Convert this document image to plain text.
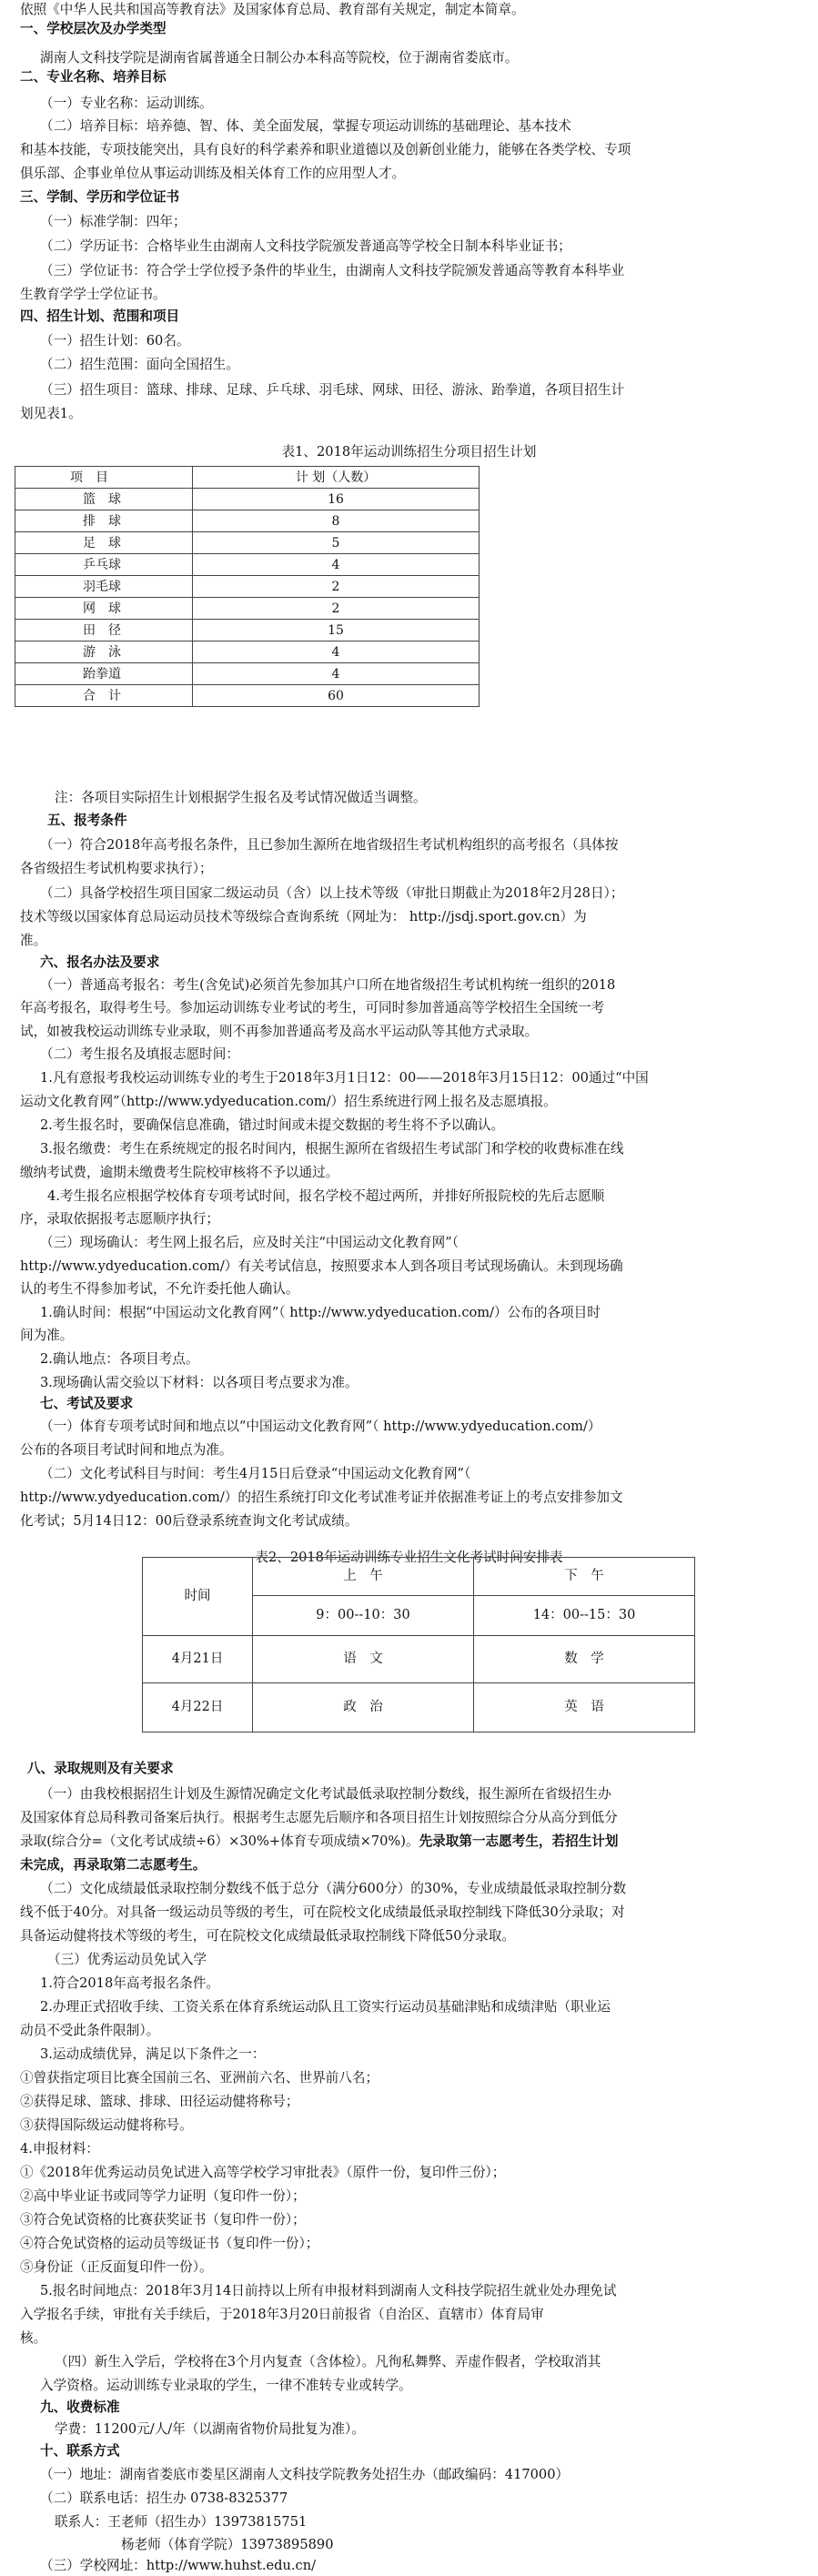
依照《中华人民共和国高等教育法》及国家体育总局、教育部有关规定，制定本简章。

一、学校层次及办学类型

湖南人文科技学院是湖南省属普通全日制公办本科高等院校，位于湖南省娄底市。

二、专业名称、培养目标

（一）专业名称：运动训练。

（二）培养目标：培养德、智、体、美全面发展，掌握专项运动训练的基础理论、基本技术

和基本技能，专项技能突出，具有良好的科学素养和职业道德以及创新创业能力，能够在各类学校、专项

俱乐部、企事业单位从事运动训练及相关体育工作的应用型人才。

三、学制、学历和学位证书

（一）标准学制：四年；

（二）学历证书：合格毕业生由湖南人文科技学院颁发普通高等学校全日制本科毕业证书；

（三）学位证书：符合学士学位授予条件的毕业生，由湖南人文科技学院颁发普通高等教育本科毕业

生教育学学士学位证书。

四、招生计划、范围和项目

（一）招生计划：60名。

（二）招生范围：面向全国招生。

（三）招生项目：篮球、排球、足球、乒乓球、羽毛球、网球、田径、游泳、跆拳道，各项目招生计

划见表1。

表1、2018年运动训练招生分项目招生计划

项　目	计 划（人数）
篮　球	16
排　球	8
足　球	5
乒乓球	4
羽毛球	2
网　球	2
田　径	15
游　泳	4
跆拳道	4
合　计	60

注：各项目实际招生计划根据学生报名及考试情况做适当调整。

五、报考条件

（一）符合2018年高考报名条件，且已参加生源所在地省级招生考试机构组织的高考报名（具体按

各省级招生考试机构要求执行）；

（二）具备学校招生项目国家二级运动员（含）以上技术等级（审批日期截止为2018年2月28日）；

技术等级以国家体育总局运动员技术等级综合查询系统（网址为： http://jsdj.sport.gov.cn）为

准。

六、报名办法及要求

（一）普通高考报名：考生(含免试)必须首先参加其户口所在地省级招生考试机构统一组织的2018

年高考报名，取得考生号。参加运动训练专业考试的考生，可同时参加普通高等学校招生全国统一考

试，如被我校运动训练专业录取，则不再参加普通高考及高水平运动队等其他方式录取。

（二）考生报名及填报志愿时间：

1.凡有意报考我校运动训练专业的考生于2018年3月1日12：00——2018年3月15日12：00通过“中国

运动文化教育网”（http://www.ydyeducation.com/）招生系统进行网上报名及志愿填报。

2.考生报名时，要确保信息准确，错过时间或未提交数据的考生将不予以确认。

3.报名缴费：考生在系统规定的报名时间内，根据生源所在省级招生考试部门和学校的收费标准在线

缴纳考试费，逾期未缴费考生院校审核将不予以通过。

4.考生报名应根据学校体育专项考试时间，报名学校不超过两所，并排好所报院校的先后志愿顺

序，录取依据报考志愿顺序执行；

（三）现场确认：考生网上报名后，应及时关注“中国运动文化教育网”（

http://www.ydyeducation.com/）有关考试信息，按照要求本人到各项目考试现场确认。未到现场确

认的考生不得参加考试，不允许委托他人确认。

1.确认时间：根据“中国运动文化教育网”（ http://www.ydyeducation.com/）公布的各项目时

间为准。

2.确认地点：各项目考点。

3.现场确认需交验以下材料：以各项目考点要求为准。

七、考试及要求

（一）体育专项考试时间和地点以“中国运动文化教育网”（ http://www.ydyeducation.com/）

公布的各项目考试时间和地点为准。

（二）文化考试科目与时间：考生4月15日后登录“中国运动文化教育网”（

http://www.ydyeducation.com/）的招生系统打印文化考试准考证并依据准考证上的考点安排参加文

化考试；5月14日12：00后登录系统查询文化考试成绩。

表2、2018年运动训练专业招生文化考试时间安排表

时间	上　午	下　午
	9：00--10：30	14：00--15：30
4月21日	语　文	数　学
4月22日	政　治	英　语

八、录取规则及有关要求

（一）由我校根据招生计划及生源情况确定文化考试最低录取控制分数线，报生源所在省级招生办

及国家体育总局科教司备案后执行。根据考生志愿先后顺序和各项目招生计划按照综合分从高分到低分

录取(综合分=（文化考试成绩÷6）×30%+体育专项成绩×70%)。先录取第一志愿考生，若招生计划

未完成，再录取第二志愿考生。

（二）文化成绩最低录取控制分数线不低于总分（满分600分）的30%，专业成绩最低录取控制分数

线不低于40分。对具备一级运动员等级的考生，可在院校文化成绩最低录取控制线下降低30分录取；对

具备运动健将技术等级的考生，可在院校文化成绩最低录取控制线下降低50分录取。

（三）优秀运动员免试入学

1.符合2018年高考报名条件。

2.办理正式招收手续、工资关系在体育系统运动队且工资实行运动员基础津贴和成绩津贴（职业运

动员不受此条件限制）。

3.运动成绩优异，满足以下条件之一：

①曾获指定项目比赛全国前三名、亚洲前六名、世界前八名；

②获得足球、篮球、排球、田径运动健将称号；

③获得国际级运动健将称号。

4.申报材料：

①《2018年优秀运动员免试进入高等学校学习审批表》（原件一份，复印件三份）；

②高中毕业证书或同等学力证明（复印件一份）；

③符合免试资格的比赛获奖证书（复印件一份）；

④符合免试资格的运动员等级证书（复印件一份）；

⑤身份证（正反面复印件一份）。

5.报名时间地点：2018年3月14日前持以上所有申报材料到湖南人文科技学院招生就业处办理免试

入学报名手续，审批有关手续后，于2018年3月20日前报省（自治区、直辖市）体育局审

核。

（四）新生入学后，学校将在3个月内复查（含体检）。凡徇私舞弊、弄虚作假者，学校取消其

入学资格。运动训练专业录取的学生，一律不准转专业或转学。

九、收费标准

学费：11200元/人/年（以湖南省物价局批复为准）。

十、联系方式

（一）地址：湖南省娄底市娄星区湖南人文科技学院教务处招生办（邮政编码：417000）

（二）联系电话：招生办 0738-8325377

联系人：王老师（招生办）13973815751

杨老师（体育学院）13973895890

（三）学校网址：http://www.huhst.edu.cn/
